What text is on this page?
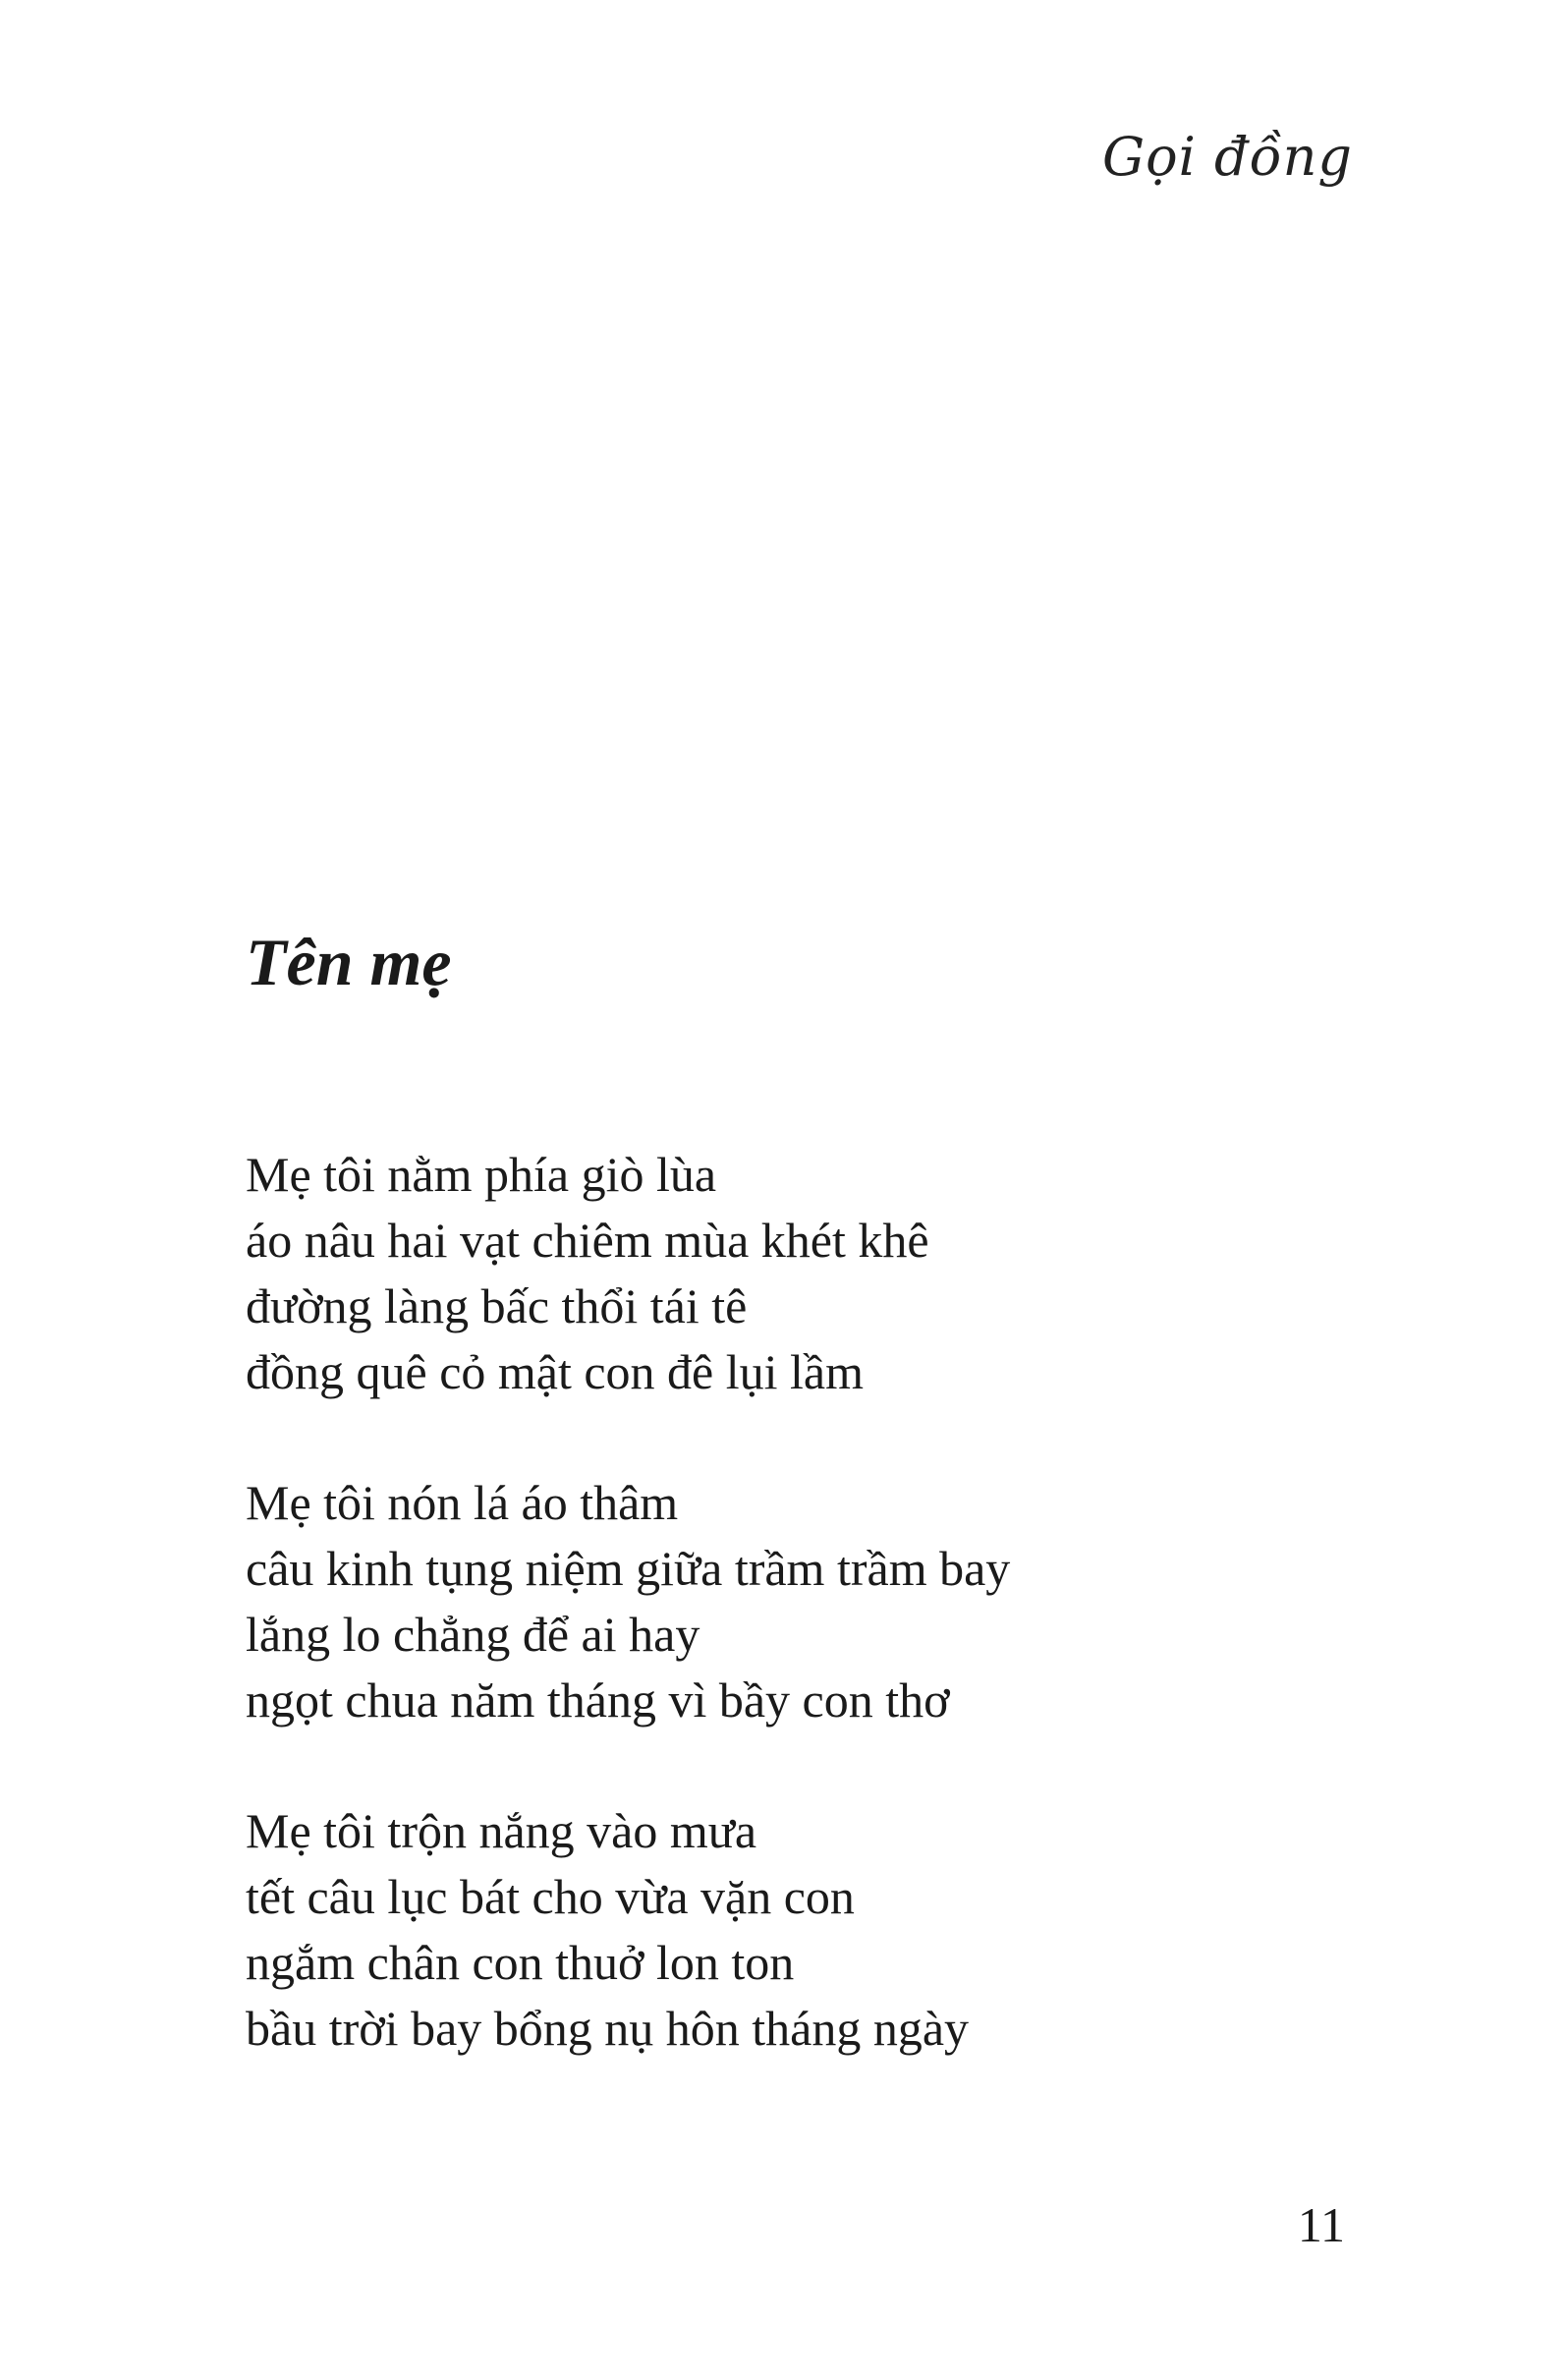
Gọi đồng
Tên mẹ
Mẹ tôi nằm phía giò lùa
áo nâu hai vạt chiêm mùa khét khê
đường làng bấc thổi tái tê
đồng quê cỏ mật con đê lụi lầm
Mẹ tôi nón lá áo thâm
câu kinh tụng niệm giữa trầm trầm bay
lắng lo chẳng để ai hay
ngọt chua năm tháng vì bầy con thơ
Mẹ tôi trộn nắng vào mưa
tết câu lục bát cho vừa vặn con
ngắm chân con thuở lon ton
bầu trời bay bổng nụ hôn tháng ngày
11
